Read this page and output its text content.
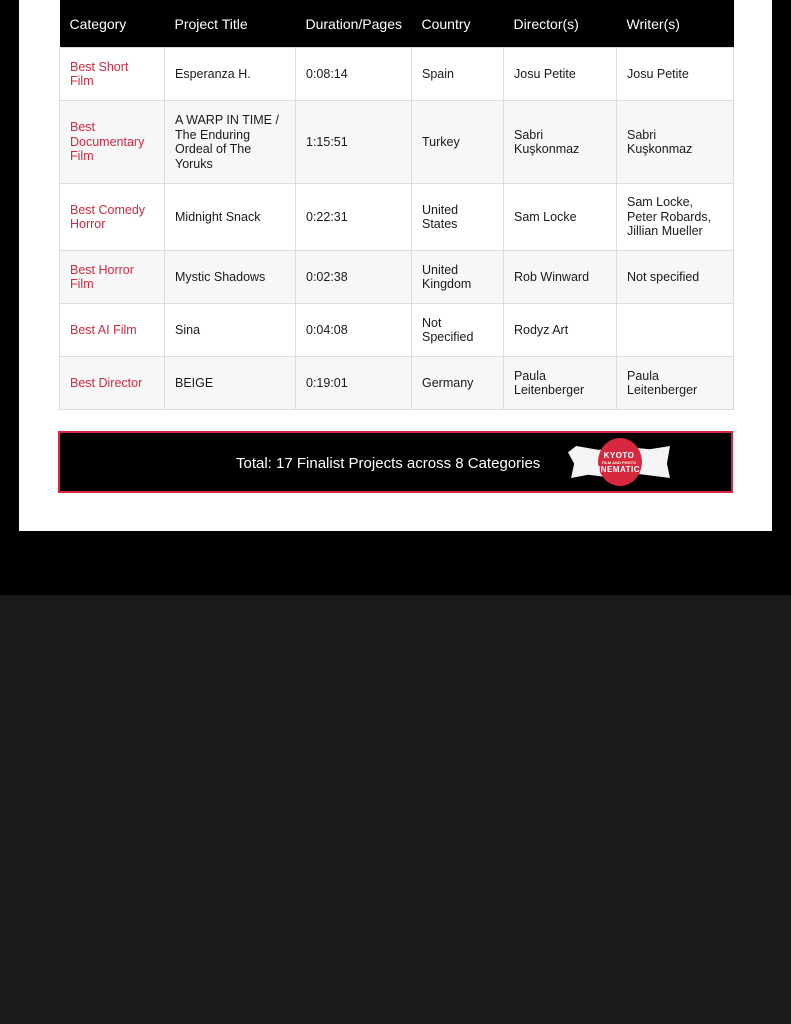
Category	Project Title	Duration/Pages	Country	Director(s)	Writer(s)
Best Short Film	Esperanza H.	0:08:14	Spain	Josu Petite	Josu Petite
Best Documentary Film	A WARP IN TIME / The Enduring Ordeal of The Yoruks	1:15:51	Turkey	Sabri Kuşkonmaz	Sabri Kuşkonmaz
Best Comedy Horror	Midnight Snack	0:22:31	United States	Sam Locke	Sam Locke, Peter Robards, Jillian Mueller
Best Horror Film	Mystic Shadows	0:02:38	United Kingdom	Rob Winward	Not specified
Best AI Film	Sina	0:04:08	Not Specified	Rodyz Art	
Best Director	BEIGE	0:19:01	Germany	Paula Leitenberger	Paula Leitenberger
Total: 17 Finalist Projects across 8 Categories	KYOTO
FILM AND PHOTO
CINEMATICA
